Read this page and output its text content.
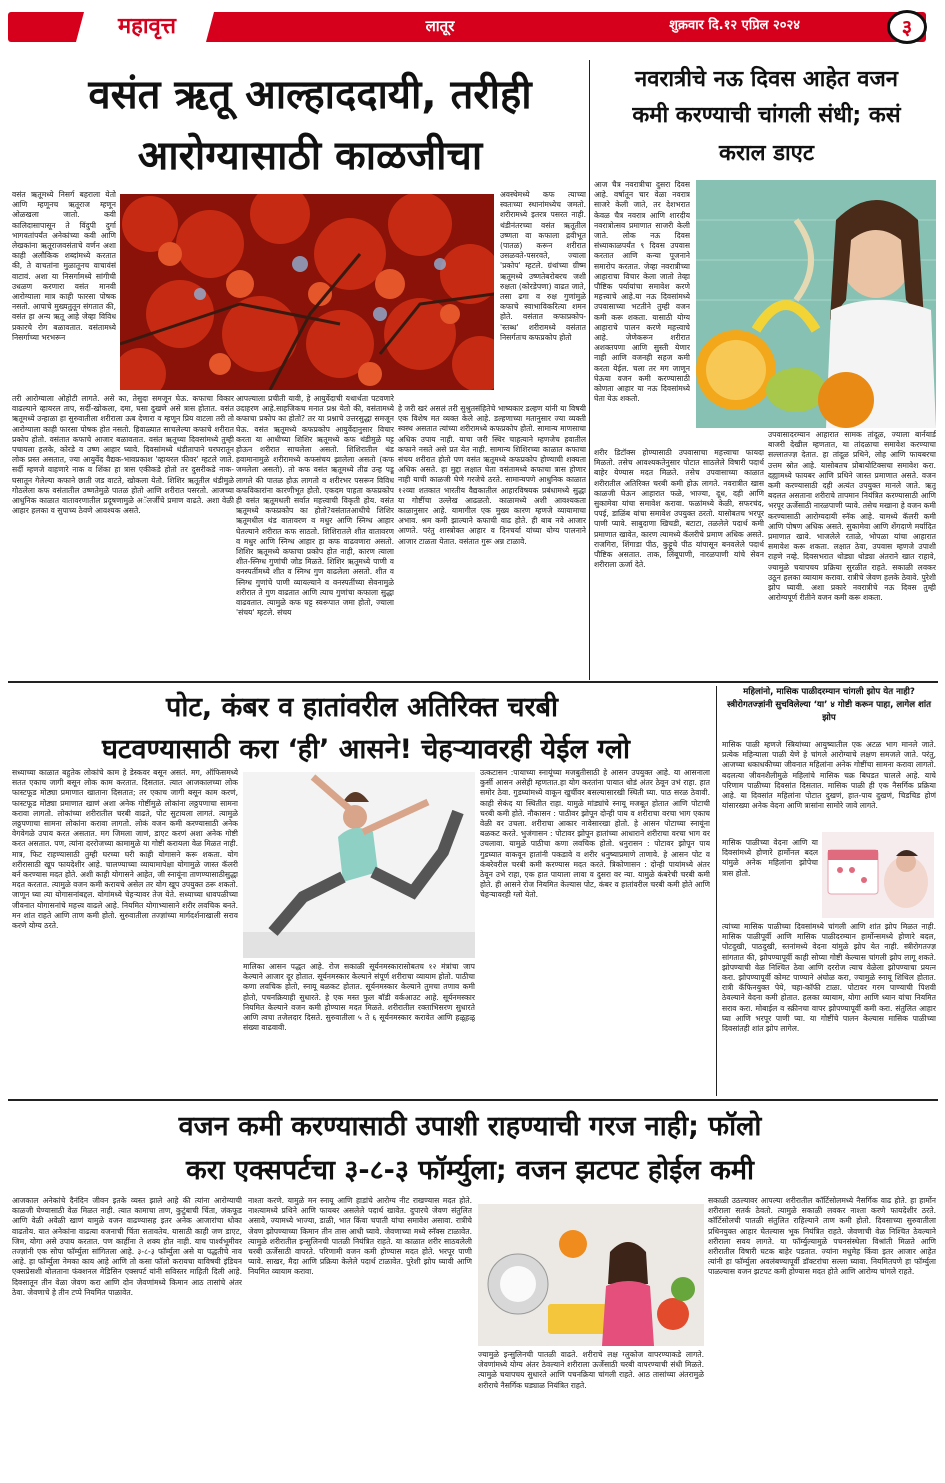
महावृत्त	लातूर	शुक्रवार दि.१२ एप्रिल २०२४	३
वसंत ऋतू आल्हाददायी, तरीही
आरोग्यासाठी काळजीचा
नवरात्रीचे नऊ दिवस आहेत वजन
कमी करण्याची चांगली संधी; कसं
कराल डाएट
वसंत ऋतूमध्ये निसर्ग बहराला येतो आणि म्हणूनच ऋतूराज म्हणून ओळखला जातो. कवी कालिदासापासून ते विंदुपी दुर्गा भागवतांपर्यंत अनेकांच्या कवी आणि लेखकांना ऋतूराजवसंताचे वर्णन अशा काही अलौकिक शब्दांमध्ये करतात की, ते वाचतांना मुळातूनच वाचावंसं वाटावं. अशा या निसर्गामध्ये सांगीची उधळण करणारा वसंत मानवी आरोग्याला मात्र काही फारसा पोषक नसतो. आपाचे मुख्यतुतून संगतात की, वसंत हा अन्य ऋतू आहे जेव्हा विविध प्रकारचे रोग बळावतात. वसंतामध्ये निसर्गाच्या भरभरून
अवस्थेमध्ये कफ त्याच्या स्वतःच्या स्थानांमध्येच जमतो. शरीरामध्ये इतरत्र पसरत नाही. थंडीनंतरच्या वसंत ऋतूतील उष्णता वा कफाला द्रवीभूत (पातळ) करून शरीरात उसळवते-पसरवते, ज्याला 'प्रकोप' म्हटले. ग्रंथांच्या ग्रीष्म ऋतूमध्ये उष्णतेबरोबरच जशी रुक्षता (कोरडेपणा) वाढत जाते, तसा ढगा व रुक्ष गुणांमुळे कफाचे स्वाभाविकरित्या शमन होते. वसंतात कफाप्रकोप-'स्तब्ध' शरीरामध्ये वसंतात निसर्गतःच कफप्रकोप होतो
तरी आरोग्याला ओहोटी लागते. असे का, तेसुदा समजून घेऊ. कफाचा विकार वाढल्याने व्हायरल ताप, सर्दी-खोकला, दमा, घसा दुखणे असे त्रास होतात. वसंत ऋतूमध्ये उन्हाळा हा सुरुवातीला शरीराला ऊब देणारा व म्हणून प्रिय वाटला तरी तो आरोग्याला काही फारसा पोषक होत नसतो. हिवाळ्यात साचलेल्या कफाचे शरीरात प्रकोप होतो. वसंतात कफाचे आजार बळावतात. वसंत ऋतूच्या दिवसांमध्ये तुम्ही पचायला हलके, कोरडे व उष्ण आहार घ्यावे. दिवसांमध्ये थंडीतापाने घरघरातून लोक प्रस्त असतात, ज्या आयुर्वेद वैद्यक-भावप्रकाश 'व्हायरल फीवर' म्हटले जाते. सर्दी म्हणजे वाहणारे नाक व शिंका हा त्रास एकीकडे होतो तर दुसरीकडे नाक-घसातून गेलेल्या कफाने छाती जड वाटते, खोकला येतो. शिशिर ऋतूतील थंडीमुळे गोठलेला कफ वसंतातील उष्णतेमुळे पातळ होतो आणि शरीरात पसरतो. आजच्या आधुनिक काळात वातावरणातील प्रदूषणामुळे अॅलर्जीचे प्रमाण वाढते. अशा वेळी आहार हलका व सुपाच्य ठेवणे आवश्यक असते.
आपल्याला प्रचीती यावी, हे आयुर्वेदाची यथार्थता पटवणारे उदाहरण आहे.साहजिकच मनात प्रश्न येतो की, वसंतामध्ये कफाचा प्रकोप का होतो? तर या प्रश्नाचे उत्तरसुद्धा समजून घेऊ. वसंत ऋतूमध्ये कफप्रकोप आयुर्वेदानुसार विचार करता या आधीच्या शिशिर ऋतूमध्ये कफ थंडीमुळे घट्ट होऊन शरीरात साचलेला असतो. शिशिरातील थंड हवामानामुळे शरीरामध्ये कफसंचय झालेला असतो (कफ जमलेला असतो). तो कफ वसंत ऋतूमध्ये तीव्र उन्ह पडू लागले की पातळ होऊ लागतो व शरीरभर पसरून विविध कफविकारांना कारणीभूत होतो. एकदम पाहता कफप्रकोप ही वसंत ऋतूमधली सर्वात महत्त्वाची विकृती होय. वसंत ऋतूमध्ये कफप्रकोप का होतो?वसंतातआधीचे शिशिर ऋतूमधील थंड वातावरण व मधुर आणि स्निग्ध आहार घेतल्याने शरीरात कफ साठतो. शिशिरातले शीत वातावरण व मधुर आणि स्निग्ध आहार हा कफ वाढवणारा असतो. शिशिर ऋतूमध्ये कफाचा प्रकोप होत नाही, कारण त्याला शीत-स्निग्ध गुणांची जोड मिळते. शिशिर ऋतूमध्ये पाणी व वनस्पतींमध्ये शीत व स्निग्ध गुण वाढलेला असतो. शीत व स्निग्ध गुणांचे पाणी व्यायल्याने व वनस्पतींच्या सेवनामुळे शरीरात ते गुण वाढतात आणि त्याच गुणांचा कफाला सुद्धा वाढवतात. त्यामुळे कफ घट्ट स्वरूपात जमा होतो, ज्याला 'संचय' म्हटले. संचय
हे जरी खरं असलं तरी सुश्रुतसंहितेचे भाष्यकार डल्हण यांनी या विषयी एक विशेष मत व्यक्त केले आहे. डल्हणाच्या मतानुसार ज्या व्यक्ती स्वस्थ असतात त्यांच्या शरीरामध्ये कफप्रकोप होतो. सामान्य माणसाचा अधिक उपाय नाही. याचा जरी स्थिर चाहत्याने म्हणजेच हवातील कफाने नसते असे प्रत येत नाही. सामान्य शिशिरच्या काळात कफाचा संचय शरीरात होतो पण वसंत ऋतूमध्ये कफप्रकोप होण्याची शक्यता अधिक असते. हा मुद्दा लक्षात घेता वसंतामध्ये कफाचा त्रास होणार नाही याची काळजी घेणे गरजेचे ठरते. सामान्यपणे आधुनिक काळात १२व्या शतकात भारतीय वैद्यकातील आहारविषयक प्रबंधामध्ये सुद्धा या गोष्टींचा उल्लेख आढळतो. काळामध्ये अशी आवश्यकता काळानुसार आहे. यामागील एक मुख्य कारण म्हणजे व्यायामाचा अभाव. श्रम कमी झाल्याने कफाची वाढ होते. ही बाब नवे आजार आणते. परंतु शास्त्रोक्त आहार व दिनचर्या यांच्या योग्य पालनाने आजार टाळता येतात. वसंतात गुरू अन्न टाळावे.
आज चैत्र नवरात्रीचा दुसरा दिवस आहे. वर्षातून चार वेळा नवरात्र साजरे केली जाते, तर देशभरात केवळ चैत्र नवरात्र आणि शारदीय नवरात्रोत्सव प्रमाणात साजरी केली जाते. लोक नऊ दिवस संध्याकाळपर्यंत ९ दिवस उपवास करतात आणि कन्या पूजनाने समारोप करतात. जेव्हा नवरात्रीच्या आहाराचा विचार केला जातो तेव्हा पौष्टिक पर्यायांचा समावेश करणे महत्त्वाचे आहे.या नऊ दिवसांमध्ये उपवासाच्या भटतीने तुम्ही वजन कमी करू शकता. यासाठी योग्य आहाराचे पालन करणे महत्त्वाचे आहे. जेणेकरून शरीरात अशक्तपणा आणि सुस्ती येणार नाही आणि वजनही सहज कमी करता येईल. चला तर मग जाणून घेऊया वजन कमी करण्यासाठी कोणता आहार या नऊ दिवसांमध्ये घेता येऊ शकतो.
शरीर डिटॉक्स होण्यासाठी उपवासाचा महत्त्वाचा फायदा मिळतो. तसेच आवश्यकतेनुसार पोटात साठलेले विषारी पदार्थ बाहेर येण्यास मदत मिळते. तसेच उपवासाच्या काळात शरीरातील अतिरिक्त चरबी कमी होऊ लागते. नवरात्रीत खास काळजी घेऊन आहारात फळे, भाज्या, दूध, दही आणि सुकामेवा यांचा समावेश करावा. फळांमध्ये केळी, सफरचंद, पपई, डाळिंब यांचा समावेश उपयुक्त ठरतो. यासोबतच भरपूर पाणी प्यावे. साबुदाणा खिचडी, बटाटा, तळलेले पदार्थ कमी प्रमाणात खावेत, कारण त्यामध्ये कॅलरीचे प्रमाण अधिक असते. राजगिरा, शिंगाडा पीठ, कुट्टूचे पीठ यांपासून बनवलेले पदार्थ पौष्टिक असतात. ताक, लिंबूपाणी, नारळपाणी यांचे सेवन शरीराला ऊर्जा देते.
उपवासादरम्यान आहारात सामक तांदूळ, ज्याला बार्नयार्ड बाजरी देखील म्हणतात, या तांदळाचा समावेश करण्याचा सल्लातज्ज्ञ देतात. हा तांदूळ प्रथिने, लोह आणि फायबरचा उत्तम स्रोत आहे. यासोबतच प्रोबायोटिक्सचा समावेश करा. दह्यामध्ये फायबर आणि प्रथिने जास्त प्रमाणात असते. वजन कमी करण्यासाठी दही अत्यंत उपयुक्त मानले जाते. ऋतू बदलत असताना शरीराचे तापमान नियंत्रित करण्यासाठी आणि भरपूर ऊर्जेसाठी नारळपाणी प्यावे. तसेच मखाना हे वजन कमी करण्यासाठी आरोग्यदायी स्नॅक आहे. यामध्ये कॅलरी कमी आणि पोषण अधिक असते. सुकामेवा आणि शेंगदाणे मर्यादित प्रमाणात खावे. भाजलेले रताळे, भोपळा यांचा आहारात समावेश करू शकता. लक्षात ठेवा, उपवास म्हणजे उपाशी राहणे नव्हे. दिवसभरात थोड्या थोड्या अंतराने खात राहावे, ज्यामुळे चयापचय प्रक्रिया सुरळीत राहते. सकाळी लवकर उठून हलका व्यायाम करावा. रात्रीचे जेवण हलके ठेवावे. पुरेशी झोप घ्यावी. अशा प्रकारे नवरात्रीचे नऊ दिवस तुम्ही आरोग्यपूर्ण रीतीने वजन कमी करू शकता.
पोट, कंबर व हातांवरील अतिरिक्त चरबी
घटवण्यासाठी करा ‘ही’ आसने! चेहऱ्यावरही येईल ग्लो
सध्याच्या काळात बहुतेक लोकांचे काम हे डेस्कवर बसून असतं. मग, ऑफिसमध्ये सतत एकाच जागी बसून लोक काम करतात. दिसतात. त्यात आजकालच्या लोक फास्टफूड मोठ्या प्रमाणात खाताना दिसतात; तर एकाच जागी बसून काम करणं, फास्टफूड मोठ्या प्रमाणात खाणं अशा अनेक गोष्टींमुळे लोकांना लठ्ठपणाचा सामना करावा लागतो. लोकांच्या शरीरातील चरबी वाढते, पोट सुटायला लागतं. त्यामुळे लठ्ठपणाचा सामना लोकांना करावा लागतो. लोकं वजन कमी करण्यासाठी अनेक वेगवेगळे उपाय करत असतात. मग जिमला जाणं, डाएट करणं अशा अनेक गोष्टी करत असतात. पण, त्यांना दररोजच्या कामामुळे या गोष्टी करायला वेळ मिळत नाही. मात्र, फिट राहण्यासाठी तुम्ही घरच्या घरी काही योगासने करू शकता. योग शरीरासाठी खूप फायदेशीर आहे. चालण्याच्या व्यायामापेक्षा योगामुळे जास्त कॅलरी बर्न करण्यास मदत होते. अशी काही योगासने आहेत, जी स्नायूंना ताणण्यासाठीसुद्धा मदत करतात. त्यामुळे वजन कमी करायचे असेल तर योग खूप उपयुक्त ठरू शकतो. जाणून घ्या त्या योगासनांबद्दल. योगांमध्ये चेहऱ्यावर तेज येते. सध्याच्या धावपळीच्या जीवनात योगासनांचे महत्त्व वाढले आहे. नियमित योगाभ्यासाने शरीर लवचिक बनते. मन शांत राहते आणि ताण कमी होतो. सुरुवातीला तज्ज्ञांच्या मार्गदर्शनाखाली सराव करणे योग्य ठरते.
मालिका आसन पद्धत आहे. रोज सकाळी सूर्यनमस्कारासोबतच १२ मंत्रांचा जाप केल्याने आजार दूर होतात. सूर्यनमस्कार केल्याने संपूर्ण शरीराचा व्यायाम होतो. पाठीचा कणा लवचिक होतो, स्नायू बळकट होतात. सूर्यनमस्कार केल्याने तुमचा तणाव कमी होतो, पचनक्रियाही सुधारते. हे एक मस्त फुल बॉडी वर्कआउट आहे. सूर्यनमस्कार नियमित केल्याने वजन कमी होण्यास मदत मिळते. शरीरातील रक्ताभिसरण सुधारते आणि त्वचा तजेलदार दिसते. सुरुवातीला ५ ते ६ सूर्यनमस्कार करावेत आणि हळूहळू संख्या वाढवावी.
उत्कटासन :पायाच्या स्नायूंच्या मजबुतीसाठी हे आसन उपयुक्त आहे. या आसनाला कुर्सी आसन असेही म्हणतात.हा योग करतांना पायात थोडं अंतर ठेवून उभं राहा. हात समोर ठेवा. गुडघ्यांमध्ये वाकून खुर्चीवर बसल्यासारखी स्थिती घ्या. पाठ सरळ ठेवावी. काही सेकंद या स्थितीत राहा. यामुळे मांड्यांचे स्नायू मजबूत होतात आणि पोटाची चरबी कमी होते. नौकासन : पाठीवर झोपून दोन्ही पाय व शरीराचा वरचा भाग एकाच वेळी वर उचला. शरीराचा आकार नावेसारखा होतो. हे आसन पोटाच्या स्नायूंना बळकट करते. भुजंगासन : पोटावर झोपून हातांच्या आधाराने शरीराचा वरचा भाग वर उचलावा. यामुळे पाठीचा कणा लवचिक होतो. धनुरासन : पोटावर झोपून पाय गुडघ्यात वाकवून हातांनी पकडावे व शरीर धनुष्याप्रमाणे ताणावे. हे आसन पोट व कंबरेवरील चरबी कमी करण्यास मदत करते. त्रिकोणासन : दोन्ही पायांमध्ये अंतर ठेवून उभे राहा, एक हात पायाला लावा व दुसरा वर न्या. यामुळे कंबरेची चरबी कमी होते. ही आसने रोज नियमित केल्यास पोट, कंबर व हातांवरील चरबी कमी होते आणि चेहऱ्यावरही ग्लो येतो.
महिलांनो, मासिक पाळीदरम्यान चांगली झोप येत नाही? स्त्रीरोगतज्ज्ञांनी सुचविलेल्या ‘या’ ४ गोष्टी करून पाहा, लागेल शांत झोप
मासिक पाळी म्हणजे स्त्रियांच्या आयुष्यातील एक अटळ भाग मानले जाते. प्रत्येक महिन्याला पाळी येणे हे चांगले आरोग्याचे लक्षण समजले जाते. परंतु, आजच्या धकाधकीच्या जीवनात महिलांना अनेक गोष्टींचा सामना करावा लागतो. बदलत्या जीवनशैलीमुळे महिलांचे मासिक चक्र बिघडत चालले आहे. याचे परिणाम पाळीच्या दिवसांत दिसतात. मासिक पाळी ही एक नैसर्गिक प्रक्रिया आहे. या दिवसांत महिलांना पोटात दुखणं, हात-पाय दुखणं, चिडचिड होणं यांसारख्या अनेक वेदना आणि त्रासांना सामोरे जावे लागते.
मासिक पाळीच्या वेदना आणि या दिवसांमध्ये होणारे हार्मोनल बदल यांमुळे अनेक महिलांना झोपेचा त्रास होतो.
त्यांच्या मासिक पाळीच्या दिवसांमध्ये चांगली आणि शांत झोप मिळत नाही. मासिक पाळीपूर्वी आणि मासिक पाळीदरम्यान हार्मोन्समध्ये होणारे बदल, पोटदुखी, पाठदुखी, स्तनांमध्ये वेदना यांमुळे झोप येत नाही. स्त्रीरोगतज्ज्ञ सांगतात की, झोपण्यापूर्वी काही सोप्या गोष्टी केल्यास चांगली झोप लागू शकते. झोपण्याची वेळ निश्चित ठेवा आणि दररोज त्याच वेळेला झोपण्याचा प्रयत्न करा. झोपण्यापूर्वी कोमट पाण्याने अंघोळ करा, ज्यामुळे स्नायू शिथिल होतात. रात्री कॅफिनयुक्त पेये, चहा-कॉफी टाळा. पोटावर गरम पाण्याची पिशवी ठेवल्याने वेदना कमी होतात. हलका व्यायाम, योगा आणि ध्यान यांचा नियमित सराव करा. मोबाईल व स्क्रीनचा वापर झोपण्यापूर्वी कमी करा. संतुलित आहार घ्या आणि भरपूर पाणी प्या. या गोष्टींचे पालन केल्यास मासिक पाळीच्या दिवसांतही शांत झोप लागेल.
वजन कमी करण्यासाठी उपाशी राहण्याची गरज नाही; फॉलो
करा एक्सपर्टचा ३-८-३ फॉर्म्युला; वजन झटपट होईल कमी
आजकाल अनेकांचे दैनंदिन जीवन इतके व्यस्त झाले आहे की त्यांना आरोग्याची काळजी घेण्यासाठी वेळ मिळत नाही. त्यात कामाचा ताण, कुटुंबाची चिंता, जंकफूड आणि वेळी अवेळी खाणं यामुळे वजन वाढण्यासह इतर अनेक आजारांचा धोका वाढतोय. यात अनेकांना वाढत्या वजनाची चिंता सतावतेय. यासाठी काही जण डाएट, जिम, योगा असे उपाय करतात. पण काहींना ते शक्य होत नाही. याच पार्श्वभूमीवर तज्ज्ञांनी एक सोपा फॉर्म्युला सांगितला आहे. ३-८-३ फॉर्म्युला असे या पद्धतीचे नाव आहे. हा फॉर्म्युला नेमका काय आहे आणि तो कसा फॉलो करायचा याविषयी इंडियन एक्सप्रेसशी बोलताना फंक्शनल मेडिसिन एक्सपर्ट यांनी सविस्तर माहिती दिली आहे. दिवसातून तीन वेळा जेवण करा आणि दोन जेवणांमध्ये किमान आठ तासांचे अंतर ठेवा. जेवणाचे हे तीन टप्पे नियमित पाळावेत.
नाश्ता करणे. यामुळे मन स्नायू आणि हाडांचे आरोग्य नीट राखण्यास मदत होते. नाश्त्यामध्ये प्रथिने आणि फायबर असलेले पदार्थ खावेत. दुपारचे जेवण संतुलित असावे, ज्यामध्ये भाज्या, डाळी, भात किंवा चपाती यांचा समावेश असावा. रात्रीचे जेवण झोपण्याच्या किमान तीन तास आधी घ्यावे. जेवणाच्या मध्ये स्नॅक्स टाळावेत. त्यामुळे शरीरातील इन्सुलिनची पातळी नियंत्रित राहते. या काळात शरीर साठवलेली चरबी ऊर्जेसाठी वापरते. परिणामी वजन कमी होण्यास मदत होते. भरपूर पाणी प्यावे. साखर, मैदा आणि प्रक्रिया केलेले पदार्थ टाळावेत. पुरेशी झोप घ्यावी आणि नियमित व्यायाम करावा.
ज्यामुळे इन्सुलिनची पातळी वाढते. शरीराचे लक्ष ग्लुकोज वापरण्याकडे लागते. जेवणांमध्ये योग्य अंतर ठेवल्याने शरीराला ऊर्जेसाठी चरबी वापरण्याची संधी मिळते. त्यामुळे चयापचय सुधारते आणि पचनक्रिया चांगली राहते. आठ तासांच्या अंतरामुळे शरीराचे नैसर्गिक घड्याळ नियंत्रित राहते.
सकाळी उठल्यावर आपल्या शरीरातील कॉर्टिसोलमध्ये नैसर्गिक वाढ होते. हा हार्मोन शरीराला सतर्क ठेवतो. त्यामुळे सकाळी लवकर नाश्ता करणे फायदेशीर ठरते. कॉर्टिसोलची पातळी संतुलित राहिल्याने ताण कमी होतो. दिवसाच्या सुरुवातीला प्रथिनयुक्त आहार घेतल्यास भूक नियंत्रित राहते. जेवणाची वेळ निश्चित ठेवल्याने शरीराला सवय लागते. या फॉर्म्युल्यामुळे पचनसंस्थेला विश्रांती मिळते आणि शरीरातील विषारी घटक बाहेर पडतात. ज्यांना मधुमेह किंवा इतर आजार आहेत त्यांनी हा फॉर्म्युला अवलंबण्यापूर्वी डॉक्टरांचा सल्ला घ्यावा. नियमितपणे हा फॉर्म्युला पाळल्यास वजन झटपट कमी होण्यास मदत होते आणि आरोग्य चांगले राहते.
